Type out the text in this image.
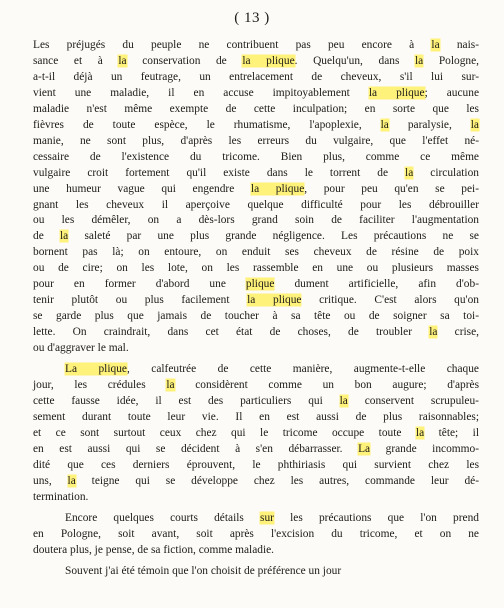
( 13 )
Les préjugés du peuple ne contribuent pas peu encore à la nais-
sance et à la conservation de la plique. Quelqu'un, dans la Pologne,
a-t-il déjà un feutrage, un entrelacement de cheveux, s'il lui sur-
vient une maladie, il en accuse impitoyablement la plique; aucune
maladie n'est même exempte de cette inculpation; en sorte que les
fièvres de toute espèce, le rhumatisme, l'apoplexie, la paralysie, la
manie, ne sont plus, d'après les erreurs du vulgaire, que l'effet né-
cessaire de l'existence du tricome. Bien plus, comme ce même
vulgaire croit fortement qu'il existe dans le torrent de la circulation
une humeur vague qui engendre la plique, pour peu qu'en se pei-
gnant les cheveux il aperçoive quelque difficulté pour les débrouiller
ou les démêler, on a dès-lors grand soin de faciliter l'augmentation
de la saleté par une plus grande négligence. Les précautions ne se
bornent pas là; on entoure, on enduit ses cheveux de résine de poix
ou de cire; on les lote, on les rassemble en une ou plusieurs masses
pour en former d'abord une plique dument artificielle, afin d'ob-
tenir plutôt ou plus facilement la plique critique. C'est alors qu'on
se garde plus que jamais de toucher à sa tête ou de soigner sa toi-
lette. On craindrait, dans cet état de choses, de troubler la crise,
ou d'aggraver le mal.
La plique, calfeutrée de cette manière, augmente-t-elle chaque
jour, les crédules la considèrent comme un bon augure; d'après
cette fausse idée, il est des particuliers qui la conservent scrupuleu-
sement durant toute leur vie. Il en est aussi de plus raisonnables;
et ce sont surtout ceux chez qui le tricome occupe toute la tête; il
en est aussi qui se décident à s'en débarrasser. La grande incommo-
dité que ces derniers éprouvent, le phthiriasis qui survient chez les
uns, la teigne qui se développe chez les autres, commande leur dé-
termination.
Encore quelques courts détails sur les précautions que l'on prend
en Pologne, soit avant, soit après l'excision du tricome, et on ne
doutera plus, je pense, de sa fiction, comme maladie.
Souvent j'ai été témoin que l'on choisit de préférence un jour
